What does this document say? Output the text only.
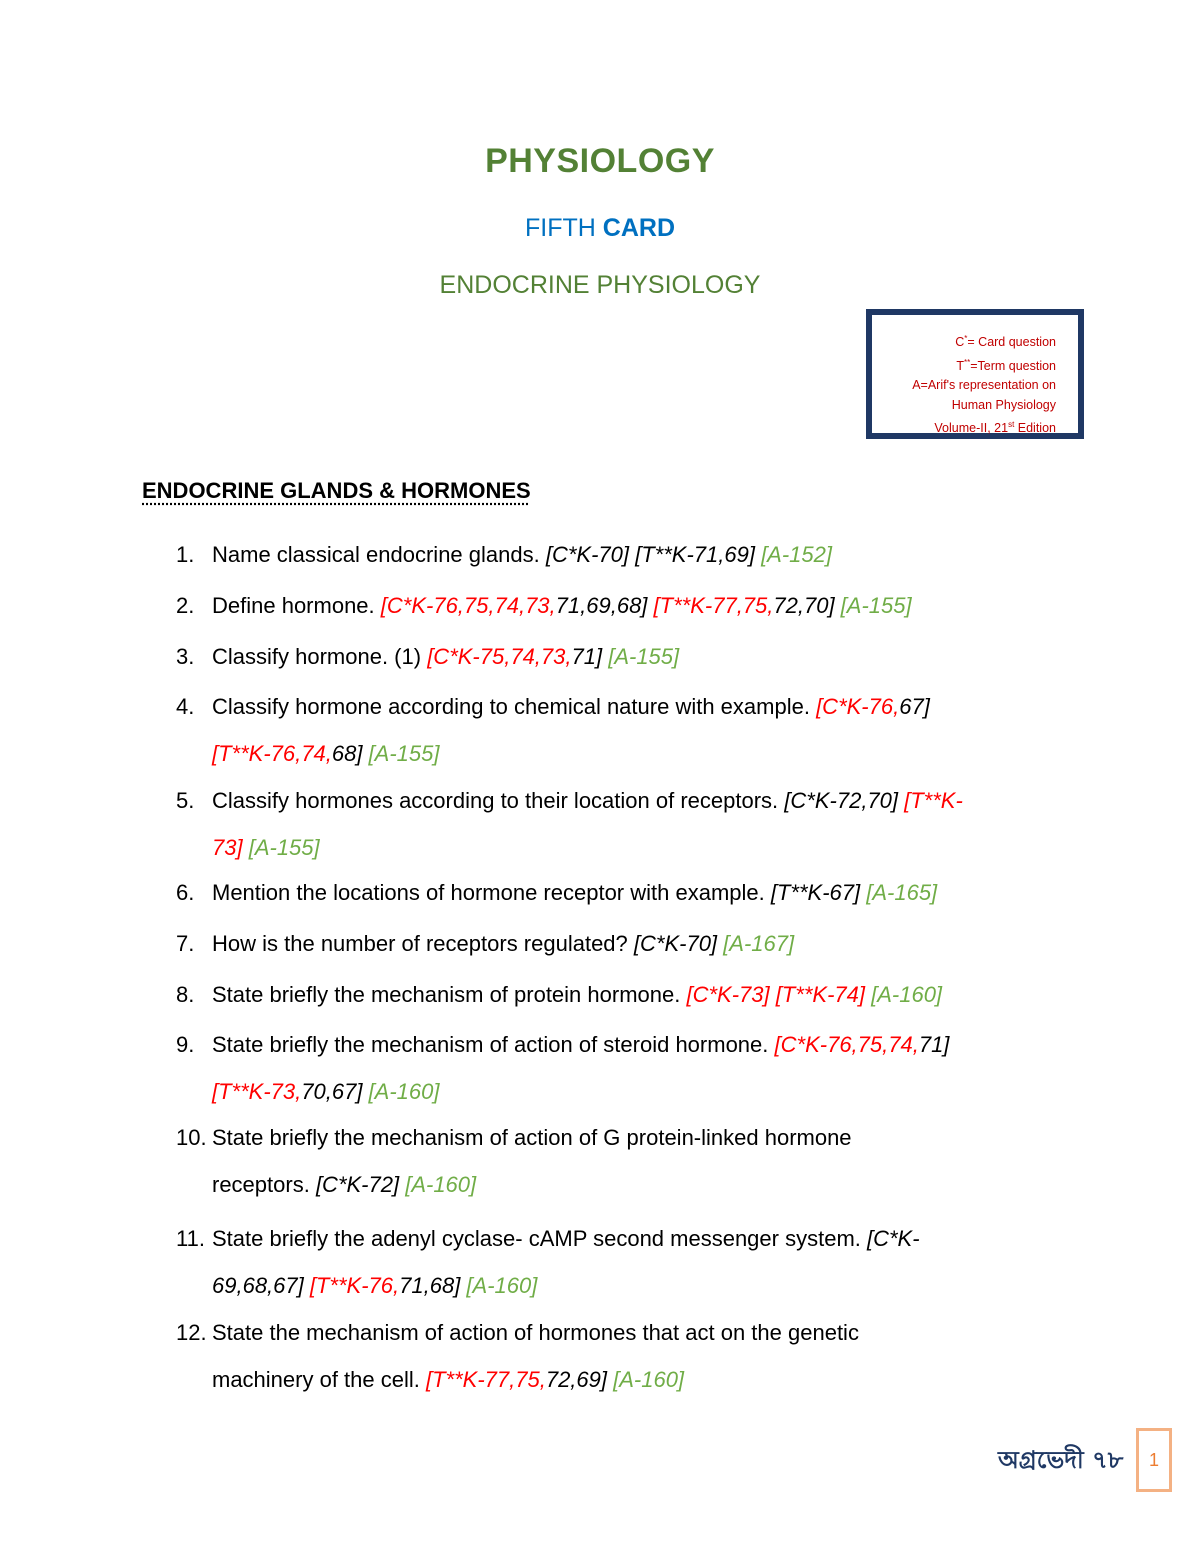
PHYSIOLOGY
FIFTH CARD
ENDOCRINE PHYSIOLOGY
C*= Card question
T**=Term question
A=Arif's representation on
Human Physiology
Volume-II, 21st Edition
ENDOCRINE GLANDS & HORMONES
1. Name classical endocrine glands. [C*K-70] [T**K-71,69] [A-152]
2. Define hormone. [C*K-76,75,74,73,71,69,68] [T**K-77,75,72,70] [A-155]
3. Classify hormone. (1) [C*K-75,74,73,71] [A-155]
4. Classify hormone according to chemical nature with example. [C*K-76,67]
[T**K-76,74,68] [A-155]
5. Classify hormones according to their location of receptors. [C*K-72,70] [T**K-
73] [A-155]
6. Mention the locations of hormone receptor with example. [T**K-67] [A-165]
7. How is the number of receptors regulated? [C*K-70] [A-167]
8. State briefly the mechanism of protein hormone. [C*K-73] [T**K-74] [A-160]
9. State briefly the mechanism of action of steroid hormone. [C*K-76,75,74,71]
[T**K-73,70,67] [A-160]
10. State briefly the mechanism of action of G protein-linked hormone
receptors. [C*K-72] [A-160]
11. State briefly the adenyl cyclase- cAMP second messenger system. [C*K-
69,68,67] [T**K-76,71,68] [A-160]
12. State the mechanism of action of hormones that act on the genetic
machinery of the cell. [T**K-77,75,72,69] [A-160]
অগ্রভেদী ৭৮	1
